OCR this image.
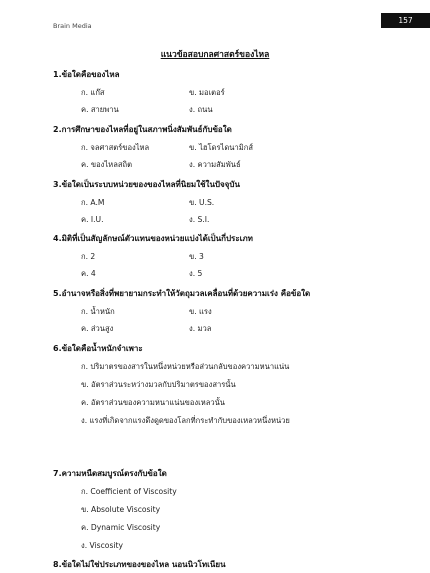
Brain Media
157
แนวข้อสอบกลศาสตร์ของไหล
1.ข้อใดคือของไหล
ก. แก๊ส	ข. มอเตอร์
ค. สายพาน	ง. ถนน
2.การศึกษาของไหลที่อยู่ในสภาพนิ่งสัมพันธ์กับข้อใด
ก. จลศาสตร์ของไหล	ข. ไฮโดรไดนามิกส์
ค. ของไหลสถิต	ง. ความสัมพันธ์
3.ข้อใดเป็นระบบหน่วยของของไหลที่นิยมใช้ในปัจจุบัน
ก. A.M	ข. U.S.
ค. I.U.	ง. S.I.
4.มิติที่เป็นสัญลักษณ์ตัวแทนของหน่วยแบ่งได้เป็นกี่ประเภท
ก. 2	ข. 3
ค. 4	ง. 5
5.อำนาจหรือสิ่งที่พยายามกระทำให้วัตถุมวลเคลื่อนที่ด้วยความเร่ง คือข้อใด
ก. น้ำหนัก	ข. แรง
ค. ส่วนสูง	ง. มวล
6.ข้อใดคือน้ำหนักจำเพาะ
ก. ปริมาตรของสารในหนึ่งหน่วยหรือส่วนกลับของความหนาแน่น
ข. อัตราส่วนระหว่างมวลกับปริมาตรของสารนั้น
ค. อัตราส่วนของความหนาแน่นของเหลวนั้น
ง. แรงที่เกิดจากแรงดึงดูดของโลกที่กระทำกับของเหลวหนึ่งหน่วย
7.ความหนืดสมบูรณ์ตรงกับข้อใด
ก. Coefficient of Viscosity
ข. Absolute Viscosity
ค. Dynamic Viscosity
ง. Viscosity
8.ข้อใดไม่ใช่ประเภทของของไหล นอนนิวโทเนียน
